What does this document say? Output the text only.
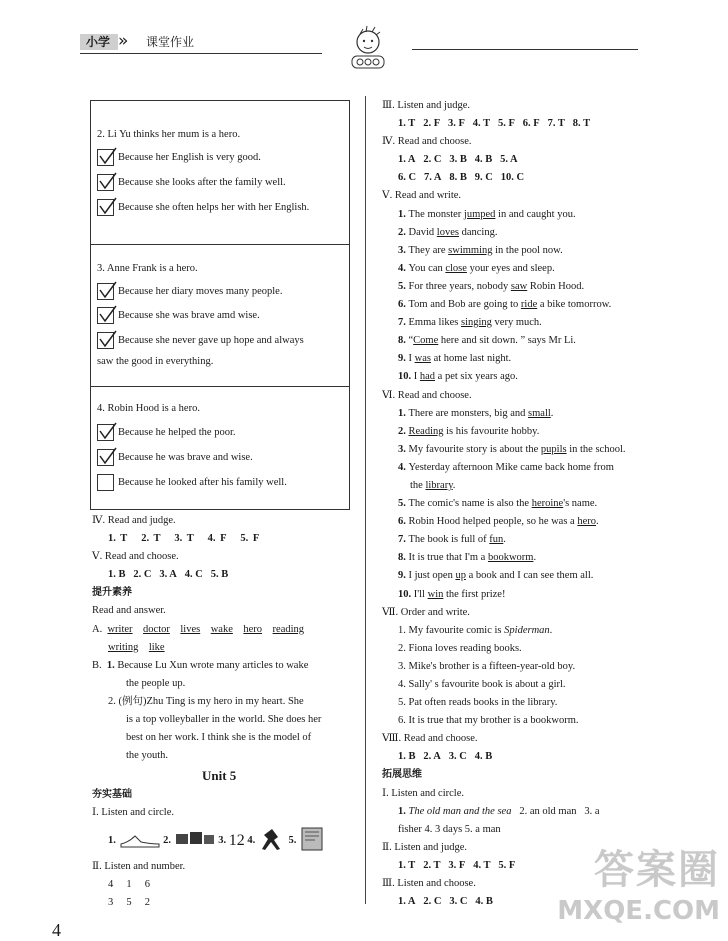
小学 » 课堂作业
2. Li Yu thinks her mum is a hero.
Because her English is very good.
Because she looks after the family well.
Because she often helps her with her English.
3. Anne Frank is a hero.
Because her diary moves many people.
Because she was brave amd wise.
Because she never gave up hope and always
saw the good in everything.
4. Robin Hood is a hero.
Because he helped the poor.
Because he was brave and wise.
Because he looked after his family well.
Ⅳ. Read and judge.
1. T 2. T 3. T 4. F 5. F
Ⅴ. Read and choose.
1. B 2. C 3. A 4. C 5. B
提升素养
Read and answer.
A. writer doctor lives wake hero reading
writing like
B. 1. Because Lu Xun wrote many articles to wake
the people up.
2. (例句)Zhu Ting is my hero in my heart. She
is a top volleyballer in the world. She does her
best on her work. I think she is the model of
the youth.
Unit 5
夯实基础
Ⅰ. Listen and circle.
1.	2.	3. 12 4.	5.
Ⅱ. Listen and number.
4 1 6
3 5 2
4
Ⅲ. Listen and judge.
1. T 2. F 3. F 4. T 5. F 6. F 7. T 8. T
Ⅳ. Read and choose.
1. A 2. C 3. B 4. B 5. A
6. C 7. A 8. B 9. C 10. C
Ⅴ. Read and write.
1. The monster jumped in and caught you.
2. David loves dancing.
3. They are swimming in the pool now.
4. You can close your eyes and sleep.
5. For three years, nobody saw Robin Hood.
6. Tom and Bob are going to ride a bike tomorrow.
7. Emma likes singing very much.
8. “Come here and sit down. ” says Mr Li.
9. I was at home last night.
10. I had a pet six years ago.
Ⅵ. Read and choose.
1. There are monsters, big and small.
2. Reading is his favourite hobby.
3. My favourite story is about the pupils in the school.
4. Yesterday afternoon Mike came back home from
the library.
5. The comic's name is also the heroine's name.
6. Robin Hood helped people, so he was a hero.
7. The book is full of fun.
8. It is true that I'm a bookworm.
9. I just open up a book and I can see them all.
10. I'll win the first prize!
Ⅶ. Order and write.
1. My favourite comic is Spiderman.
2. Fiona loves reading books.
3. Mike's brother is a fifteen-year-old boy.
4. Sally' s favourite book is about a girl.
5. Pat often reads books in the library.
6. It is true that my brother is a bookworm.
Ⅷ. Read and choose.
1. B 2. A 3. C 4. B
拓展思维
Ⅰ. Listen and circle.
1. The old man and the sea 2. an old man 3. a
fisher 4. 3 days 5. a man
Ⅱ. Listen and judge.
1. T 2. T 3. F 4. T 5. F
Ⅲ. Listen and choose.
1. A 2. C 3. C 4. B
答案圈
MXQE.COM
